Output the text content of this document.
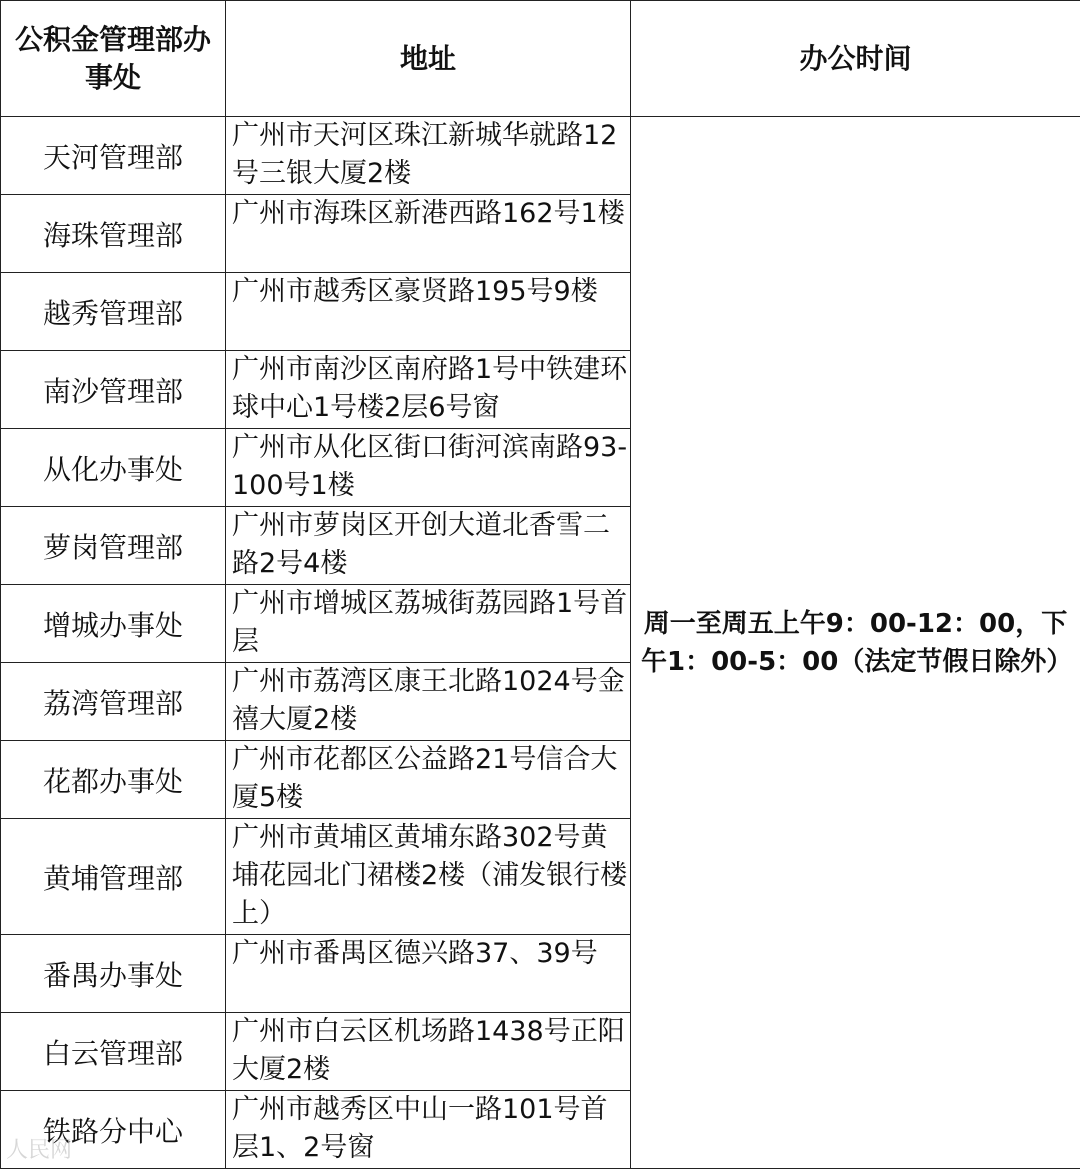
公积金管理部办事处	地址	办公时间
天河管理部	广州市天河区珠江新城华就路12号三银大厦2楼	周一至周五上午9：00-12：00，下午1：00-5：00（法定节假日除外）
海珠管理部	广州市海珠区新港西路162号1楼	
越秀管理部	广州市越秀区豪贤路195号9楼	
南沙管理部	广州市南沙区南府路1号中铁建环球中心1号楼2层6号窗	
从化办事处	广州市从化区街口街河滨南路93-100号1楼	
萝岗管理部	广州市萝岗区开创大道北香雪二路2号4楼	
增城办事处	广州市增城区荔城街荔园路1号首层	
荔湾管理部	广州市荔湾区康王北路1024号金禧大厦2楼	
花都办事处	广州市花都区公益路21号信合大厦5楼	
黄埔管理部	广州市黄埔区黄埔东路302号黄埔花园北门裙楼2楼（浦发银行楼上）	
番禺办事处	广州市番禺区德兴路37、39号	
白云管理部	广州市白云区机场路1438号正阳大厦2楼	
铁路分中心	广州市越秀区中山一路101号首层1、2号窗	
人民网
